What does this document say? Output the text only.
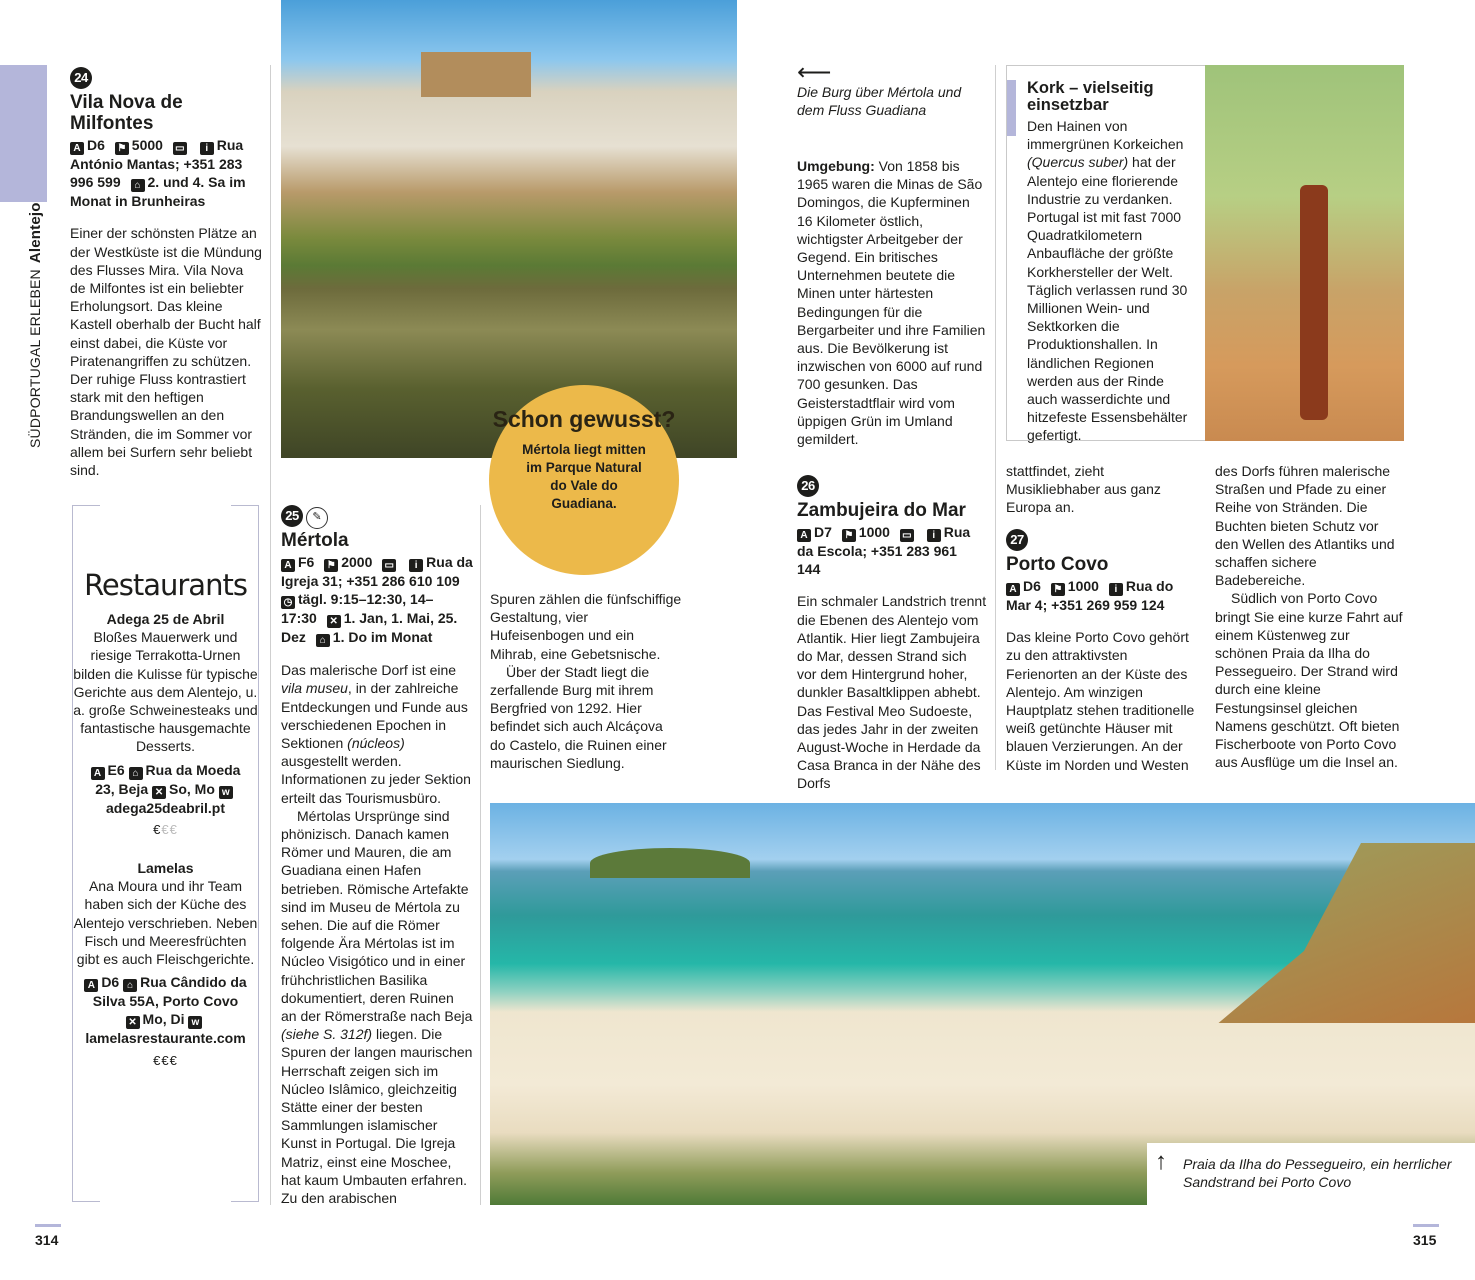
SÜDPORTUGAL ERLEBENAlentejo
24
Vila Nova de Milfontes
A D6 ⚑ 5000 ▭ i Rua António Mantas; +351 283 996 599 ⌂ 2. und 4. Sa im Monat in Brunheiras

Einer der schönsten Plätze an der Westküste ist die Mündung des Flusses Mira. Vila Nova de Milfontes ist ein beliebter Erholungsort. Das kleine Kastell oberhalb der Bucht half einst dabei, die Küste vor Piratenangriffen zu schützen. Der ruhige Fluss kontrastiert stark mit den heftigen Brandungswellen an den Stränden, die im Sommer vor allem bei Surfern sehr beliebt sind.

Restaurants
Adega 25 de Abril
Bloßes Mauerwerk und riesige Terrakotta-Urnen bilden die Kulisse für typische Gerichte aus dem Alentejo, u. a. große Schweinesteaks und fantastische hausgemachte Desserts.
A E6 ⌂ Rua da Moeda 23, Beja ✕ So, Mo wadega25deabril.pt
€€€
Lamelas
Ana Moura und ihr Team haben sich der Küche des Alentejo verschrieben. Neben Fisch und Meeresfrüchten gibt es auch Fleischgerichte.
A D6 ⌂ Rua Cândido da Silva 55A, Porto Covo ✕ Mo, Di wlamelasrestaurante.com
€€€
Schon gewusst?
Mértola liegt mitten im Parque Natural do Vale do Guadiana.
25 ✎
Mértola
A F6 ⚑ 2000 ▭ i Rua da Igreja 31; +351 286 610 109 ◷ tägl. 9:15–12:30, 14–17:30 ✕ 1. Jan, 1. Mai, 25. Dez ⌂ 1. Do im Monat

Das malerische Dorf ist eine vila museu, in der zahlreiche Entdeckungen und Funde aus verschiedenen Epochen in Sektionen (núcleos) ausgestellt werden. Informationen zu jeder Sektion erteilt das Tourismusbüro.

Mértolas Ursprünge sind phönizisch. Danach kamen Römer und Mauren, die am Guadiana einen Hafen betrieben. Römische Artefakte sind im Museu de Mértola zu sehen. Die auf die Römer folgende Ära Mértolas ist im Núcleo Visigótico und in einer frühchristlichen Basilika dokumentiert, deren Ruinen an der Römerstraße nach Beja (siehe S. 312f) liegen. Die Spuren der langen maurischen Herrschaft zeigen sich im Núcleo Islâmico, gleichzeitig Stätte einer der besten Sammlungen islamischer Kunst in Portugal. Die Igreja Matriz, einst eine Moschee, hat kaum Umbauten erfahren. Zu den arabischen

Spuren zählen die fünfschiffige Gestaltung, vier Hufeisenbogen und ein Mihrab, eine Gebetsnische.

Über der Stadt liegt die zerfallende Burg mit ihrem Bergfried von 1292. Hier befindet sich auch Alcáçova do Castelo, die Ruinen einer maurischen Siedlung.

⟵
Die Burg über Mértola und dem Fluss Guadiana

Umgebung: Von 1858 bis 1965 waren die Minas de São Domingos, die Kupferminen 16 Kilometer östlich, wichtigster Arbeitgeber der Gegend. Ein britisches Unternehmen beutete die Minen unter härtesten Bedingungen für die Bergarbeiter und ihre Familien aus. Die Bevölkerung ist inzwischen von 6000 auf rund 700 gesunken. Das Geisterstadtflair wird vom üppigen Grün im Umland gemildert.

26
Zambujeira do Mar
A D7 ⚑ 1000 ▭ i Rua da Escola; +351 283 961 144

Ein schmaler Landstrich trennt die Ebenen des Alentejo vom Atlantik. Hier liegt Zambujeira do Mar, dessen Strand sich vor dem Hintergrund hoher, dunkler Basaltklippen abhebt. Das Festival Meo Sudoeste, das jedes Jahr in der zweiten August-Woche in Herdade da Casa Branca in der Nähe des Dorfs

Kork – vielseitig einsetzbar
Den Hainen von immergrünen Korkeichen (Quercus suber) hat der Alentejo eine florierende Industrie zu verdanken. Portugal ist mit fast 7000 Quadratkilometern Anbaufläche der größte Korkhersteller der Welt. Täglich verlassen rund 30 Millionen Wein- und Sektkorken die Produktionshallen. In ländlichen Regionen werden aus der Rinde auch wasserdichte und hitzefeste Essensbehälter gefertigt.

stattfindet, zieht Musikliebhaber aus ganz Europa an.

27
Porto Covo
A D6 ⚑ 1000 i Rua do Mar 4; +351 269 959 124

Das kleine Porto Covo gehört zu den attraktivsten Ferienorten an der Küste des Alentejo. Am winzigen Hauptplatz stehen traditionelle weiß getünchte Häuser mit blauen Verzierungen. An der Küste im Norden und Westen

des Dorfs führen malerische Straßen und Pfade zu einer Reihe von Stränden. Die Buchten bieten Schutz vor den Wellen des Atlantiks und schaffen sichere Badebereiche.

Südlich von Porto Covo bringt Sie eine kurze Fahrt auf einem Küstenweg zur schönen Praia da Ilha do Pessegueiro. Der Strand wird durch eine kleine Festungsinsel gleichen Namens geschützt. Oft bieten Fischerboote von Porto Covo aus Ausflüge um die Insel an.

↑ Praia da Ilha do Pessegueiro, ein herrlicher Sandstrand bei Porto Covo
314	315
